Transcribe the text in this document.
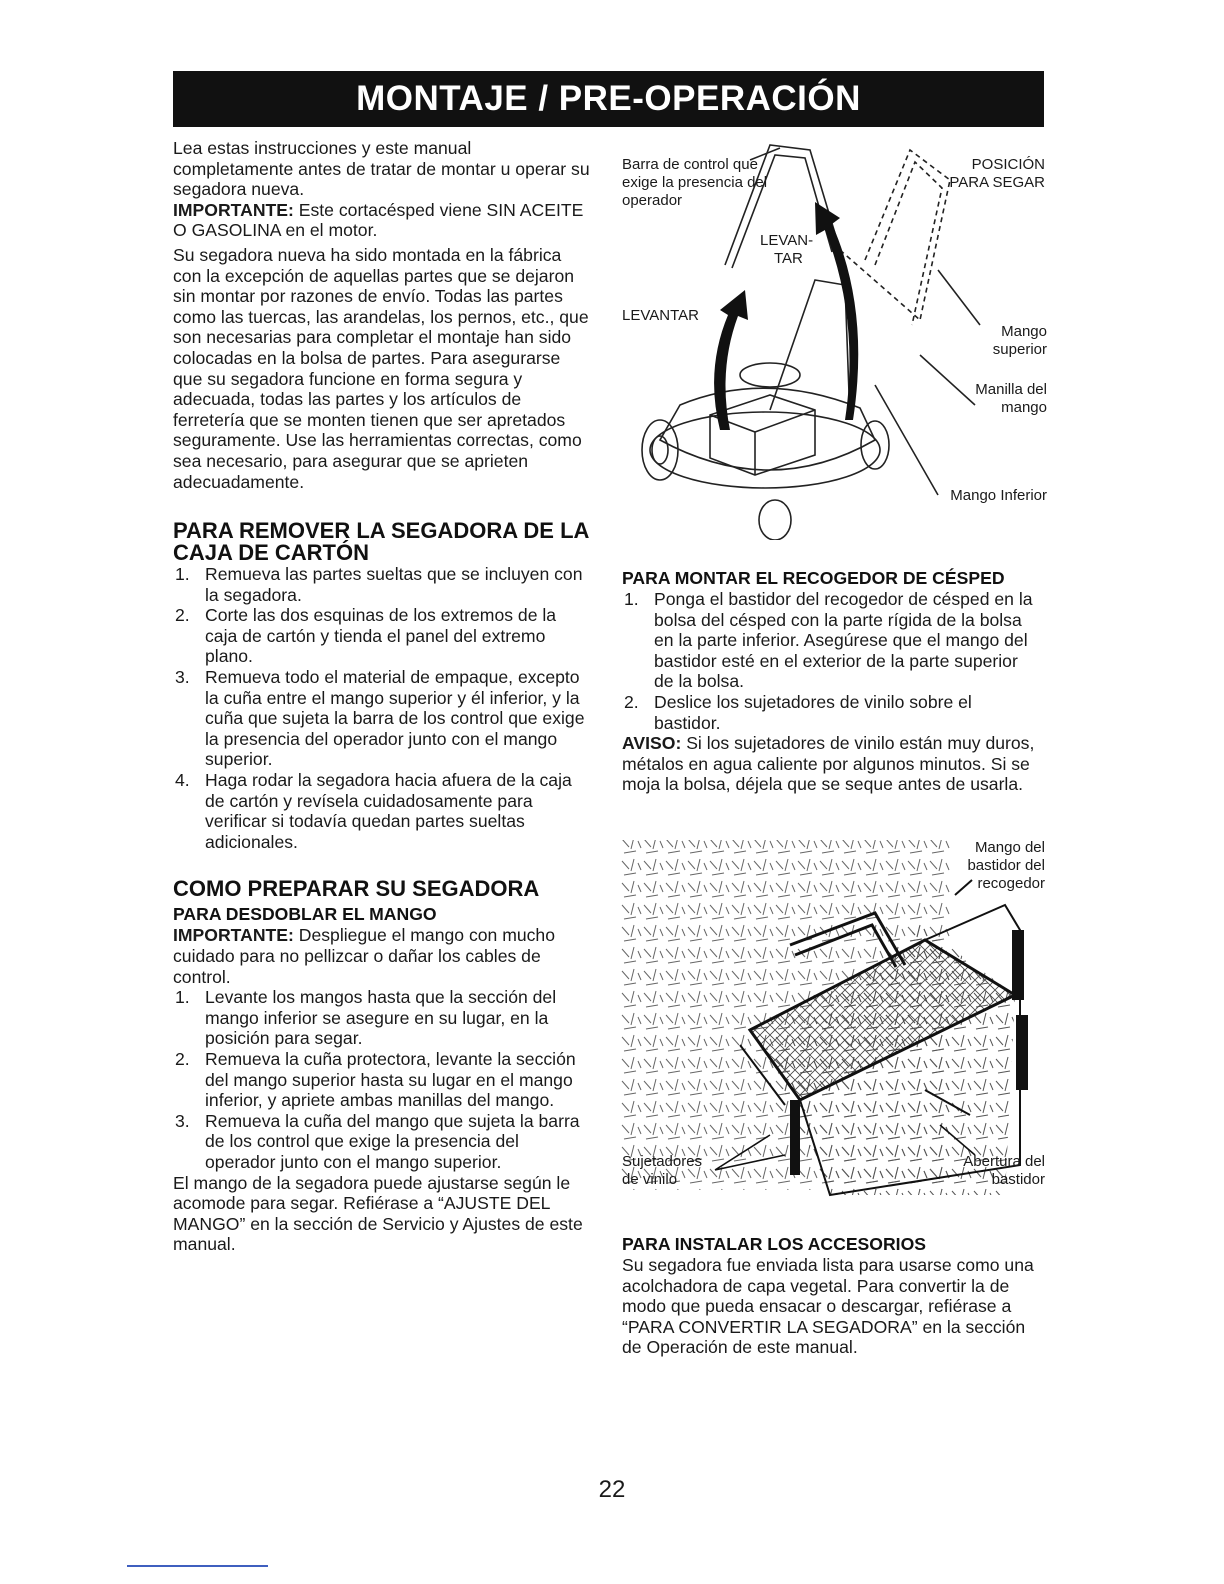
MONTAJE / PRE-OPERACIÓN

Lea estas instrucciones y este manual completamente antes de tratar de montar u operar su segadora nueva.

IMPORTANTE: Este cortacésped viene SIN ACEITE O GASOLINA en el motor.

Su segadora nueva ha sido montada en la fábrica con la excepción de aquellas partes que se dejaron sin montar por razones de envío. Todas las partes como las tuercas, las arandelas, los pernos, etc., que son necesarias para completar el montaje han sido colocadas en la bolsa de partes. Para asegurarse que su segadora funcione en forma segura y adecuada, todas las partes y los artículos de ferretería que se monten tienen que ser apretados seguramente. Use las herramientas correctas, como sea necesario, para asegurar que se aprieten adecuadamente.

PARA REMOVER LA SEGADORA DE LA CAJA DE CARTÓN
1. Remueva las partes sueltas que se incluyen con la segadora.
2. Corte las dos esquinas de los extremos de la caja de cartón y tienda el panel del extremo plano.
3. Remueva todo el material de empaque, excepto la cuña entre el mango superior y él inferior, y la cuña que sujeta la barra de los control que exige la presencia del operador junto con el mango superior.
4. Haga rodar la segadora hacia afuera de la caja de cartón y revísela cuidadosamente para verificar si todavía quedan partes sueltas adicionales.
COMO PREPARAR SU SEGADORA
PARA DESDOBLAR EL MANGO

IMPORTANTE: Despliegue el mango con mucho cuidado para no pellizcar o dañar los cables de control.

1. Levante los mangos hasta que la sección del mango inferior se asegure en su lugar, en la posición para segar.
2. Remueva la cuña protectora, levante la sección del mango superior hasta su lugar en el mango inferior, y apriete ambas manillas del mango.
3. Remueva la cuña del mango que sujeta la barra de los control que exige la presencia del operador junto con el mango superior.

El mango de la segadora puede ajustarse según le acomode para segar. Refiérase a “AJUSTE DEL MANGO” en la sección de Servicio y Ajustes de este manual.

Barra de control que exige la presencia del operador
POSICIÓN PARA SEGAR
LEVAN-
TAR
LEVANTAR
Mango superior
Manilla del mango
Mango Inferior
PARA MONTAR EL RECOGEDOR DE CÉSPED
1. Ponga el bastidor del recogedor de césped en la bolsa del césped con la parte rígida de la bolsa en la parte inferior. Asegúrese que el mango del bastidor esté en el exterior de la parte superior de la bolsa.
2. Deslice los sujetadores de vinilo sobre el bastidor.

AVISO: Si los sujetadores de vinilo están muy duros, métalos en agua caliente por algunos minutos. Si se moja la bolsa, déjela que se seque antes de usarla.

Mango del bastidor del recogedor
Sujetadores de vinilo
Abertura del bastidor
PARA INSTALAR LOS ACCESORIOS

Su segadora fue enviada lista para usarse como una acolchadora de capa vegetal. Para convertir la de modo que pueda ensacar o descargar, refiérase a “PARA CONVERTIR LA SEGADORA” en la sección de Operación de este manual.

22
